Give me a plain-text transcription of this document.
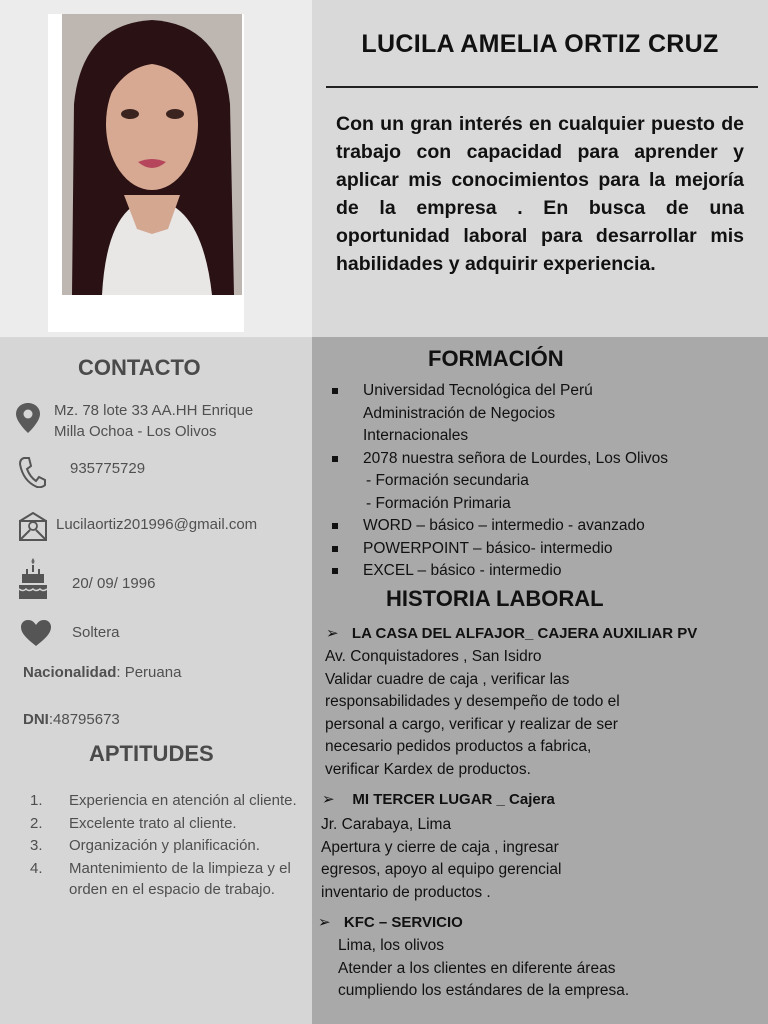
LUCILA AMELIA ORTIZ CRUZ
Con un gran interés en cualquier puesto de trabajo con capacidad para aprender y aplicar mis conocimientos para la mejoría de la empresa . En busca de una oportunidad laboral para desarrollar mis habilidades y adquirir experiencia.
CONTACTO
Mz. 78 lote 33 AA.HH Enrique
Milla Ochoa - Los Olivos
935775729
Lucilaortiz201996@gmail.com
20/ 09/ 1996
Soltera
Nacionalidad: Peruana
DNI:48795673
APTITUDES
1. Experiencia en atención al cliente.
2. Excelente trato al cliente.
3. Organización y planificación.
4. Mantenimiento de la limpieza y el orden en el espacio de trabajo.
FORMACIÓN
Universidad Tecnológica del Perú
Administración de Negocios
Internacionales
2078 nuestra señora de Lourdes, Los Olivos
- Formación secundaria
- Formación Primaria
WORD – básico – intermedio - avanzado
POWERPOINT – básico- intermedio
EXCEL – básico - intermedio
HISTORIA LABORAL
➢ LA CASA DEL ALFAJOR_ CAJERA AUXILIAR PV
Av. Conquistadores , San Isidro
Validar cuadre de caja , verificar las
responsabilidades y desempeño de todo el
personal a cargo, verificar y realizar de ser
necesario pedidos productos a fabrica,
verificar Kardex de productos.
➢ MI TERCER LUGAR _ Cajera
Jr. Carabaya, Lima
Apertura y cierre de caja , ingresar
egresos, apoyo al equipo gerencial
inventario de productos .
➢ KFC – SERVICIO
Lima, los olivos
Atender a los clientes en diferente áreas
cumpliendo los estándares de la empresa.
